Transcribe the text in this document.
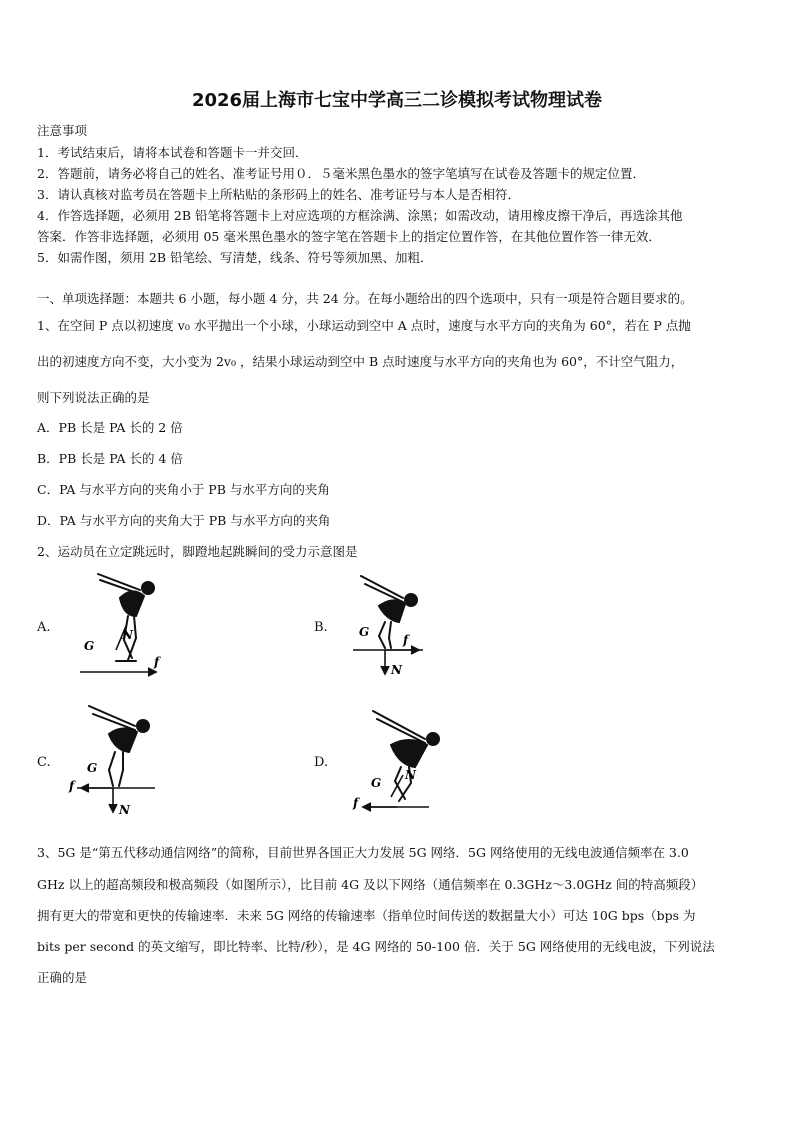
2026届上海市七宝中学高三二诊模拟考试物理试卷
注意事项
1．考试结束后，请将本试卷和答题卡一并交回．
2．答题前，请务必将自己的姓名、准考证号用０．５毫米黑色墨水的签字笔填写在试卷及答题卡的规定位置．
3．请认真核对监考员在答题卡上所粘贴的条形码上的姓名、准考证号与本人是否相符．
4．作答选择题，必须用 2B 铅笔将答题卡上对应选项的方框涂满、涂黑；如需改动，请用橡皮擦干净后，再选涂其他
答案．作答非选择题，必须用 05 毫米黑色墨水的签字笔在答题卡上的指定位置作答，在其他位置作答一律无效．
5．如需作图，须用 2B 铅笔绘、写清楚，线条、符号等须加黑、加粗．
一、单项选择题：本题共 6 小题，每小题 4 分，共 24 分。在每小题给出的四个选项中，只有一项是符合题目要求的。
1、在空间 P 点以初速度 v₀ 水平抛出一个小球，小球运动到空中 A 点时，速度与水平方向的夹角为 60°，若在 P 点抛
出的初速度方向不变，大小变为 2v₀ ，结果小球运动到空中 B 点时速度与水平方向的夹角也为 60°，不计空气阻力，
则下列说法正确的是
A．PB 长是 PA 长的 2 倍
B．PB 长是 PA 长的 4 倍
C．PA 与水平方向的夹角小于 PB 与水平方向的夹角
D．PA 与水平方向的夹角大于 PB 与水平方向的夹角
2、运动员在立定跳远时，脚蹬地起跳瞬间的受力示意图是
A.
G
N
f
B.	G
f
N
C.	G
f
N
D.
G
N
f
3、5G 是“第五代移动通信网络”的简称，目前世界各国正大力发展 5G 网络．5G 网络使用的无线电波通信频率在 3.0
GHz 以上的超高频段和极高频段（如图所示），比目前 4G 及以下网络（通信频率在 0.3GHz～3.0GHz 间的特高频段）
拥有更大的带宽和更快的传输速率．未来 5G 网络的传输速率（指单位时间传送的数据量大小）可达 10G bps（bps 为
bits per second 的英文缩写，即比特率、比特/秒），是 4G 网络的 50-100 倍．关于 5G 网络使用的无线电波，下列说法
正确的是
